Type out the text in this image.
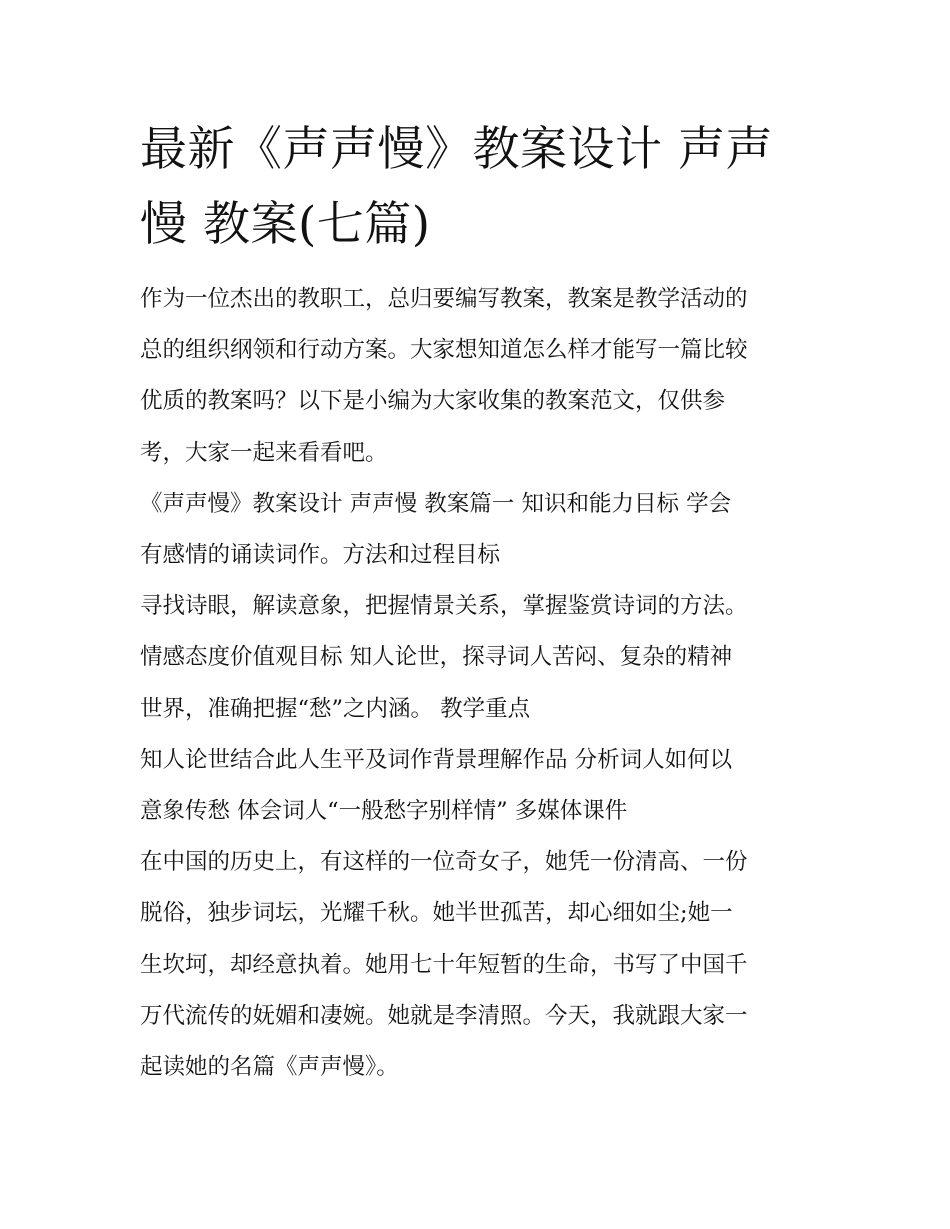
最新《声声慢》教案设计 声声
慢 教案(七篇)
作为一位杰出的教职工，总归要编写教案，教案是教学活动的
总的组织纲领和行动方案。大家想知道怎么样才能写一篇比较
优质的教案吗？以下是小编为大家收集的教案范文，仅供参
考，大家一起来看看吧。
《声声慢》教案设计 声声慢 教案篇一 知识和能力目标 学会
有感情的诵读词作。方法和过程目标
寻找诗眼，解读意象，把握情景关系，掌握鉴赏诗词的方法。
情感态度价值观目标 知人论世，探寻词人苦闷、复杂的精神
世界，准确把握“愁”之内涵。 教学重点
知人论世结合此人生平及词作背景理解作品 分析词人如何以
意象传愁 体会词人“一般愁字别样情” 多媒体课件
在中国的历史上，有这样的一位奇女子，她凭一份清高、一份
脱俗，独步词坛，光耀千秋。她半世孤苦，却心细如尘;她一
生坎坷，却经意执着。她用七十年短暂的生命，书写了中国千
万代流传的妩媚和凄婉。她就是李清照。今天，我就跟大家一
起读她的名篇《声声慢》。
